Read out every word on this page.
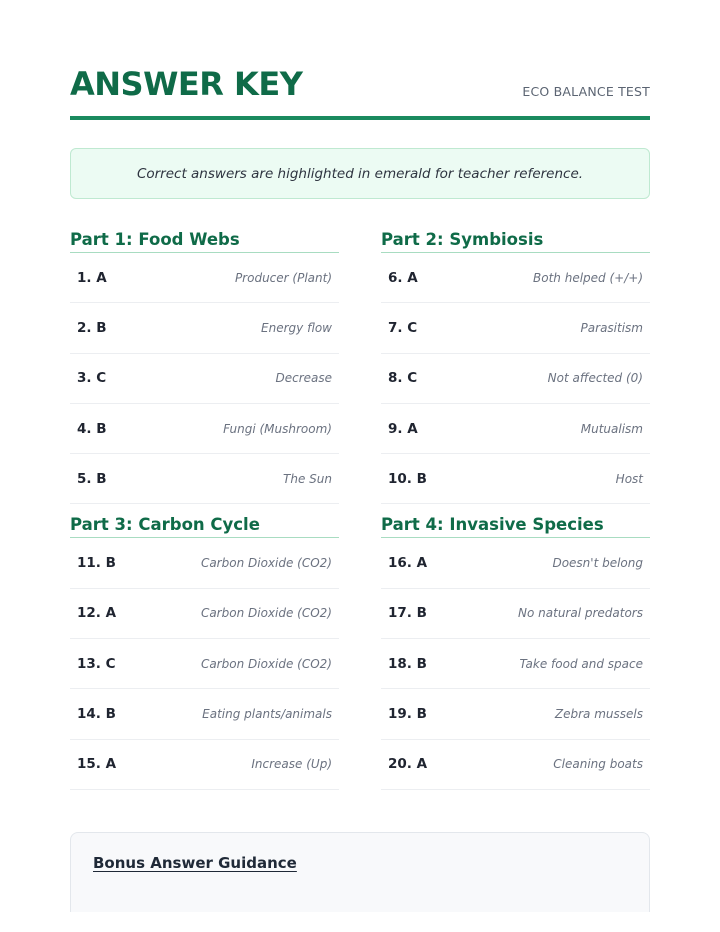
ANSWER KEY	ECO BALANCE TEST
Correct answers are highlighted in emerald for teacher reference.
Part 1: Food Webs
1. A	Producer (Plant)
2. B	Energy flow
3. C	Decrease
4. B	Fungi (Mushroom)
5. B	The Sun
Part 2: Symbiosis
6. A	Both helped (+/+)
7. C	Parasitism
8. C	Not affected (0)
9. A	Mutualism
10. B	Host
Part 3: Carbon Cycle
11. B	Carbon Dioxide (CO2)
12. A	Carbon Dioxide (CO2)
13. C	Carbon Dioxide (CO2)
14. B	Eating plants/animals
15. A	Increase (Up)
Part 4: Invasive Species
16. A	Doesn't belong
17. B	No natural predators
18. B	Take food and space
19. B	Zebra mussels
20. A	Cleaning boats
Bonus Answer Guidance
